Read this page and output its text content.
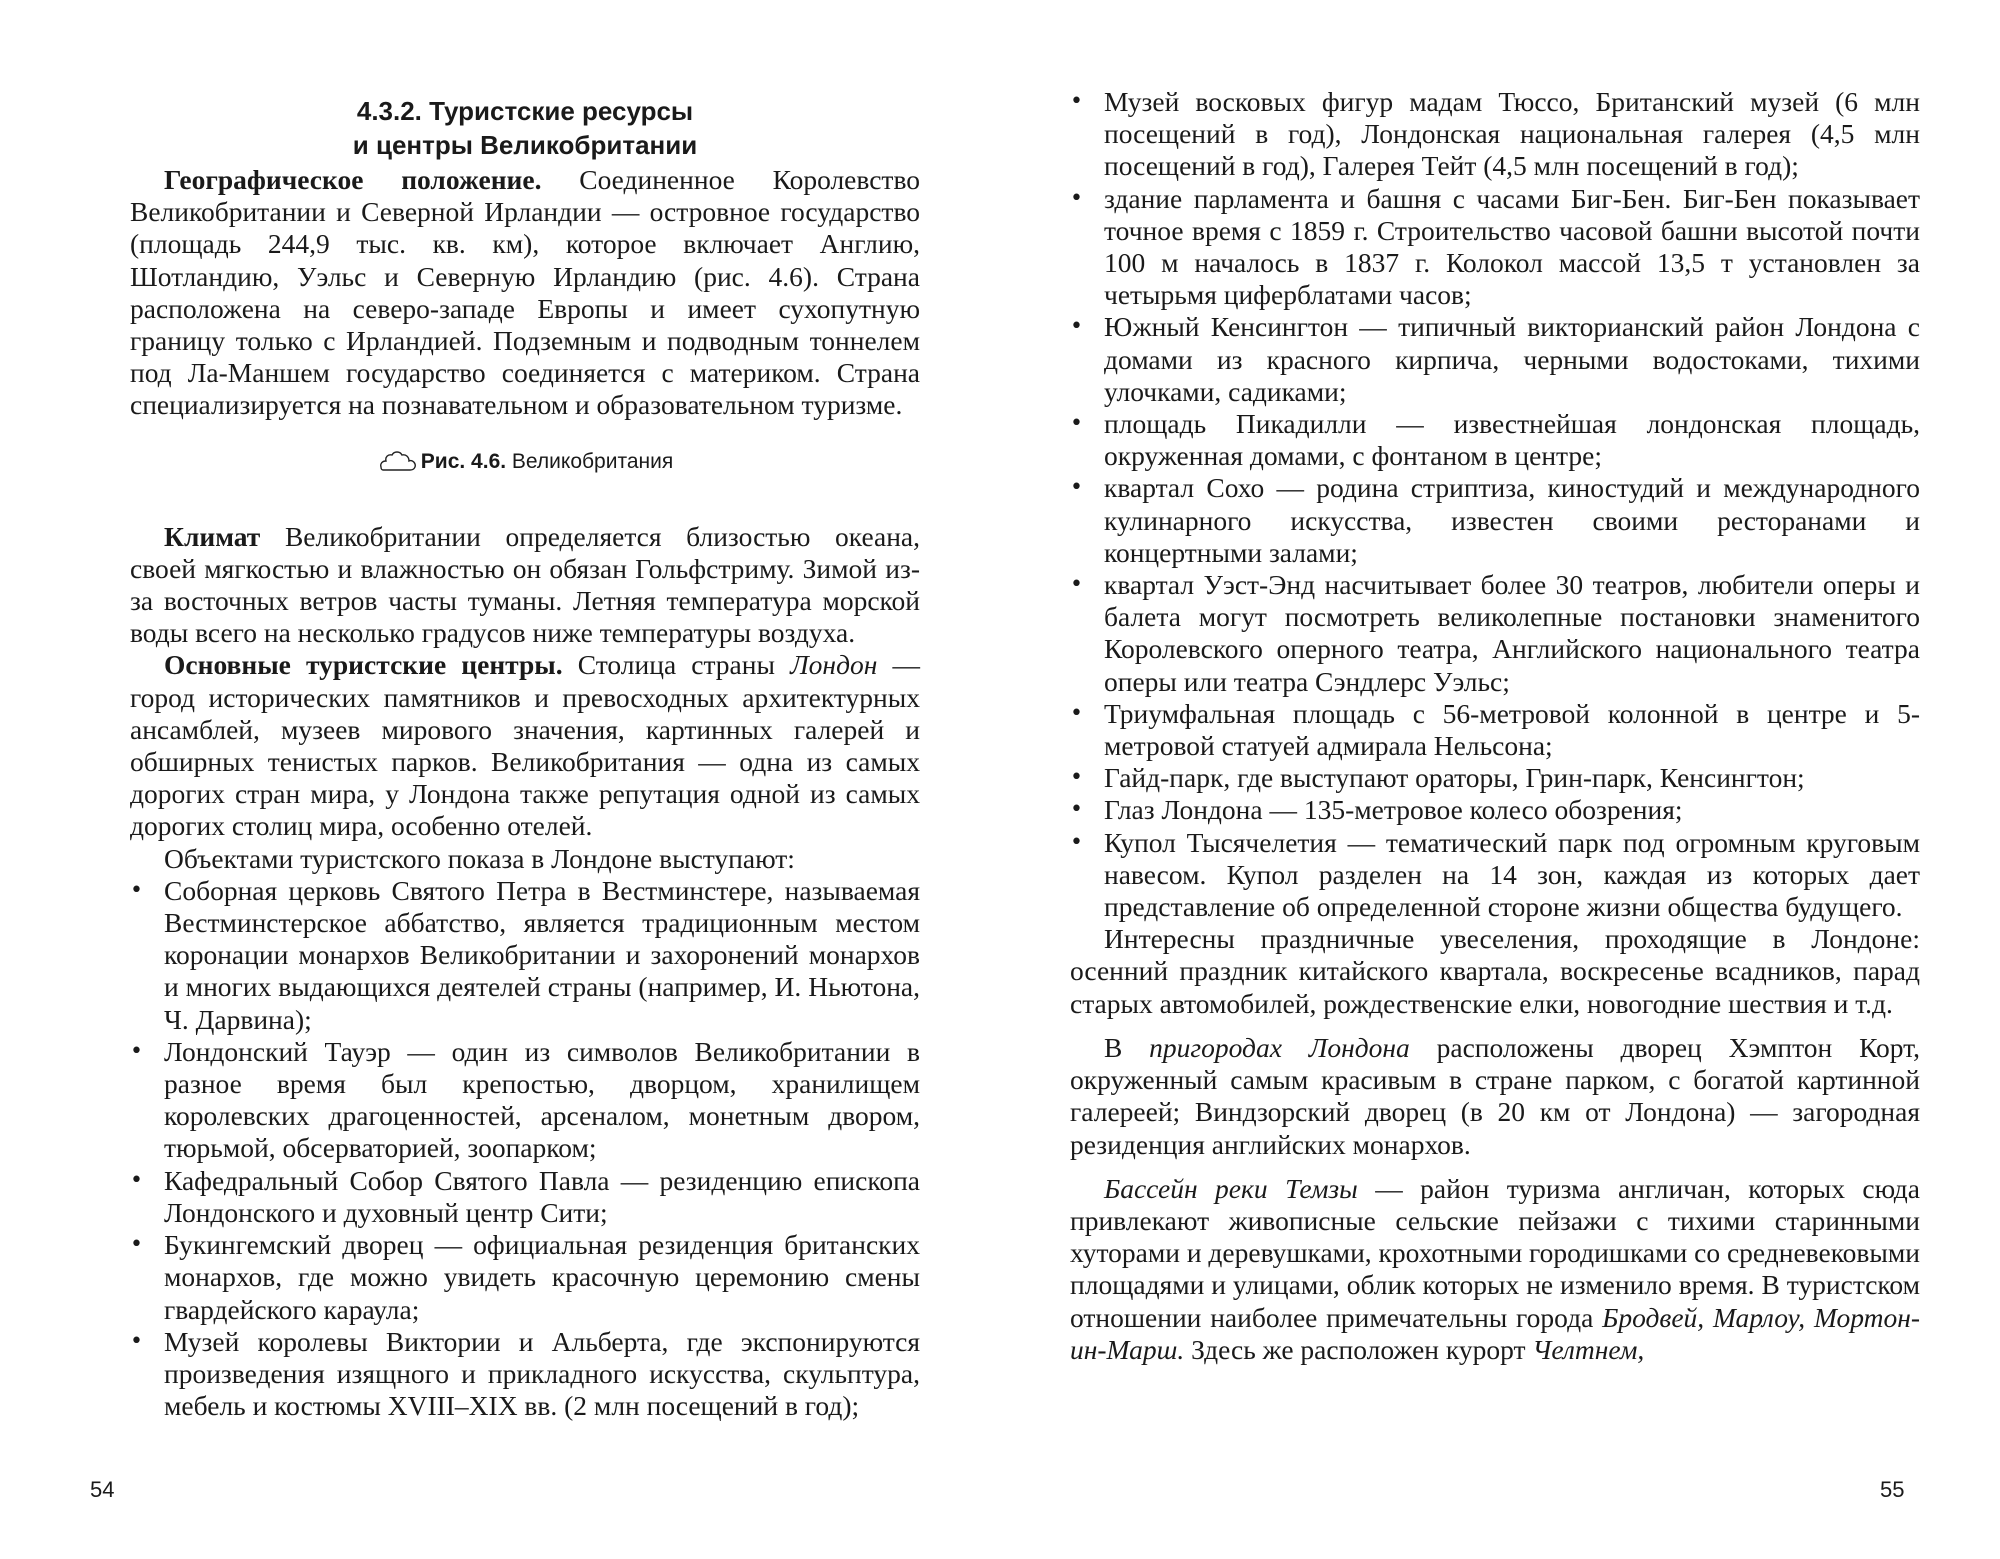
4.3.2. Туристские ресурсы
и центры Великобритании

Географическое положение. Соединенное Королевство Великобритании и Северной Ирландии — островное государство (площадь 244,9 тыс. кв. км), которое включает Англию, Шотландию, Уэльс и Северную Ирландию (рис. 4.6). Страна расположена на северо-западе Европы и имеет сухопутную границу только с Ирландией. Подземным и подводным тоннелем под Ла-Маншем государство соединяется с материком. Страна специализируется на познавательном и образовательном туризме.

Рис. 4.6. Великобритания

Климат Великобритании определяется близостью океана, своей мягкостью и влажностью он обязан Гольфстриму. Зимой из-за восточных ветров часты туманы. Летняя температура морской воды всего на несколько градусов ниже температуры воздуха.

Основные туристские центры. Столица страны Лондон — город исторических памятников и превосходных архитектурных ансамблей, музеев мирового значения, картинных галерей и обширных тенистых парков. Великобритания — одна из самых дорогих стран мира, у Лондона также репутация одной из самых дорогих столиц мира, особенно отелей.

Объектами туристского показа в Лондоне выступают:

• Соборная церковь Святого Петра в Вестминстере, называемая Вестминстерское аббатство, является традиционным местом коронации монархов Великобритании и захоронений монархов и многих выдающихся деятелей страны (например, И. Ньютона, Ч. Дарвина);
• Лондонский Тауэр — один из символов Великобритании в разное время был крепостью, дворцом, хранилищем королевских драгоценностей, арсеналом, монетным двором, тюрьмой, обсерваторией, зоопарком;
• Кафедральный Собор Святого Павла — резиденцию епископа Лондонского и духовный центр Сити;
• Букингемский дворец — официальная резиденция британских монархов, где можно увидеть красочную церемонию смены гвардейского караула;
• Музей королевы Виктории и Альберта, где экспонируются произведения изящного и прикладного искусства, скульптура, мебель и костюмы XVIII–XIX вв. (2 млн посещений в год);
54
• Музей восковых фигур мадам Тюссо, Британский музей (6 млн посещений в год), Лондонская национальная галерея (4,5 млн посещений в год), Галерея Тейт (4,5 млн посещений в год);
• здание парламента и башня с часами Биг-Бен. Биг-Бен показывает точное время с 1859 г. Строительство часовой башни высотой почти 100 м началось в 1837 г. Колокол массой 13,5 т установлен за четырьмя циферблатами часов;
• Южный Кенсингтон — типичный викторианский район Лондона с домами из красного кирпича, черными водостоками, тихими улочками, садиками;
• площадь Пикадилли — известнейшая лондонская площадь, окруженная домами, с фонтаном в центре;
• квартал Сохо — родина стриптиза, киностудий и международного кулинарного искусства, известен своими ресторанами и концертными залами;
• квартал Уэст-Энд насчитывает более 30 театров, любители оперы и балета могут посмотреть великолепные постановки знаменитого Королевского оперного театра, Английского национального театра оперы или театра Сэндлерс Уэльс;
• Триумфальная площадь с 56-метровой колонной в центре и 5-метровой статуей адмирала Нельсона;
• Гайд-парк, где выступают ораторы, Грин-парк, Кенсингтон;
• Глаз Лондона — 135-метровое колесо обозрения;
• Купол Тысячелетия — тематический парк под огромным круговым навесом. Купол разделен на 14 зон, каждая из которых дает представление об определенной стороне жизни общества будущего.

Интересны праздничные увеселения, проходящие в Лондоне: осенний праздник китайского квартала, воскресенье всадников, парад старых автомобилей, рождественские елки, новогодние шествия и т.д.

В пригородах Лондона расположены дворец Хэмптон Корт, окруженный самым красивым в стране парком, с богатой картинной галереей; Виндзорский дворец (в 20 км от Лондона) — загородная резиденция английских монархов.

Бассейн реки Темзы — район туризма англичан, которых сюда привлекают живописные сельские пейзажи с тихими старинными хуторами и деревушками, крохотными городишками со средневековыми площадями и улицами, облик которых не изменило время. В туристском отношении наиболее примечательны города Бродвей, Марлоу, Мортон-ин-Марш. Здесь же расположен курорт Челтнем,

55
